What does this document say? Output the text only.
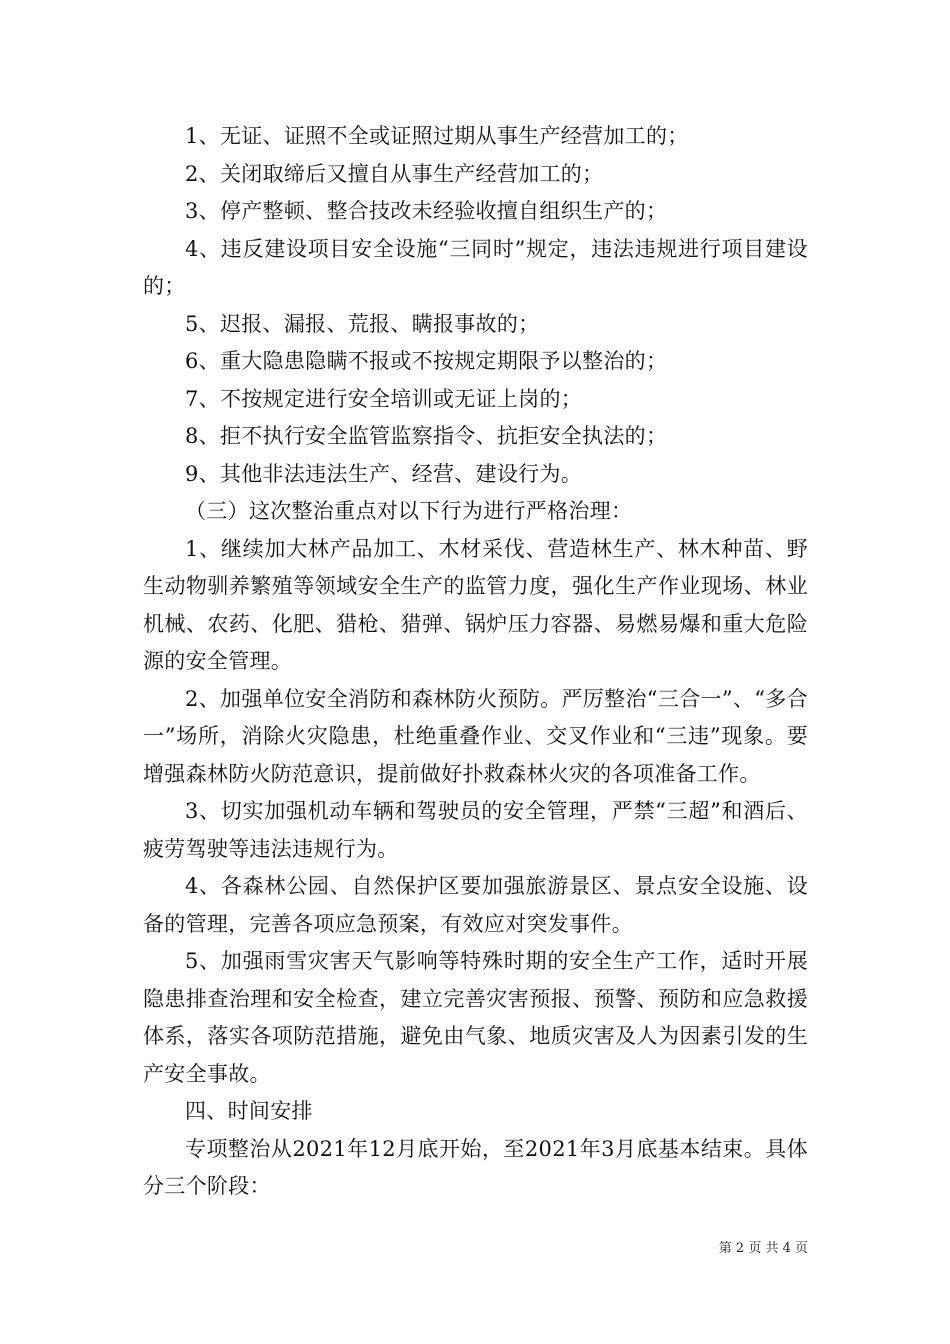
1、无证、证照不全或证照过期从事生产经营加工的；

2、关闭取缔后又擅自从事生产经营加工的；

3、停产整顿、整合技改未经验收擅自组织生产的；

4、违反建设项目安全设施“三同时”规定，违法违规进行项目建设的；

5、迟报、漏报、荒报、瞒报事故的；

6、重大隐患隐瞒不报或不按规定期限予以整治的；

7、不按规定进行安全培训或无证上岗的；

8、拒不执行安全监管监察指令、抗拒安全执法的；

9、其他非法违法生产、经营、建设行为。

（三）这次整治重点对以下行为进行严格治理：

1、继续加大林产品加工、木材采伐、营造林生产、林木种苗、野生动物驯养繁殖等领域安全生产的监管力度，强化生产作业现场、林业机械、农药、化肥、猎枪、猎弹、锅炉压力容器、易燃易爆和重大危险源的安全管理。

2、加强单位安全消防和森林防火预防。严厉整治“三合一”、“多合一”场所，消除火灾隐患，杜绝重叠作业、交叉作业和“三违”现象。要增强森林防火防范意识，提前做好扑救森林火灾的各项准备工作。

3、切实加强机动车辆和驾驶员的安全管理，严禁“三超”和酒后、疲劳驾驶等违法违规行为。

4、各森林公园、自然保护区要加强旅游景区、景点安全设施、设备的管理，完善各项应急预案，有效应对突发事件。

5、加强雨雪灾害天气影响等特殊时期的安全生产工作，适时开展隐患排查治理和安全检查，建立完善灾害预报、预警、预防和应急救援体系，落实各项防范措施，避免由气象、地质灾害及人为因素引发的生产安全事故。

四、时间安排

专项整治从2021年12月底开始，至2021年3月底基本结束。具体分三个阶段：

第 2 页 共 4 页
